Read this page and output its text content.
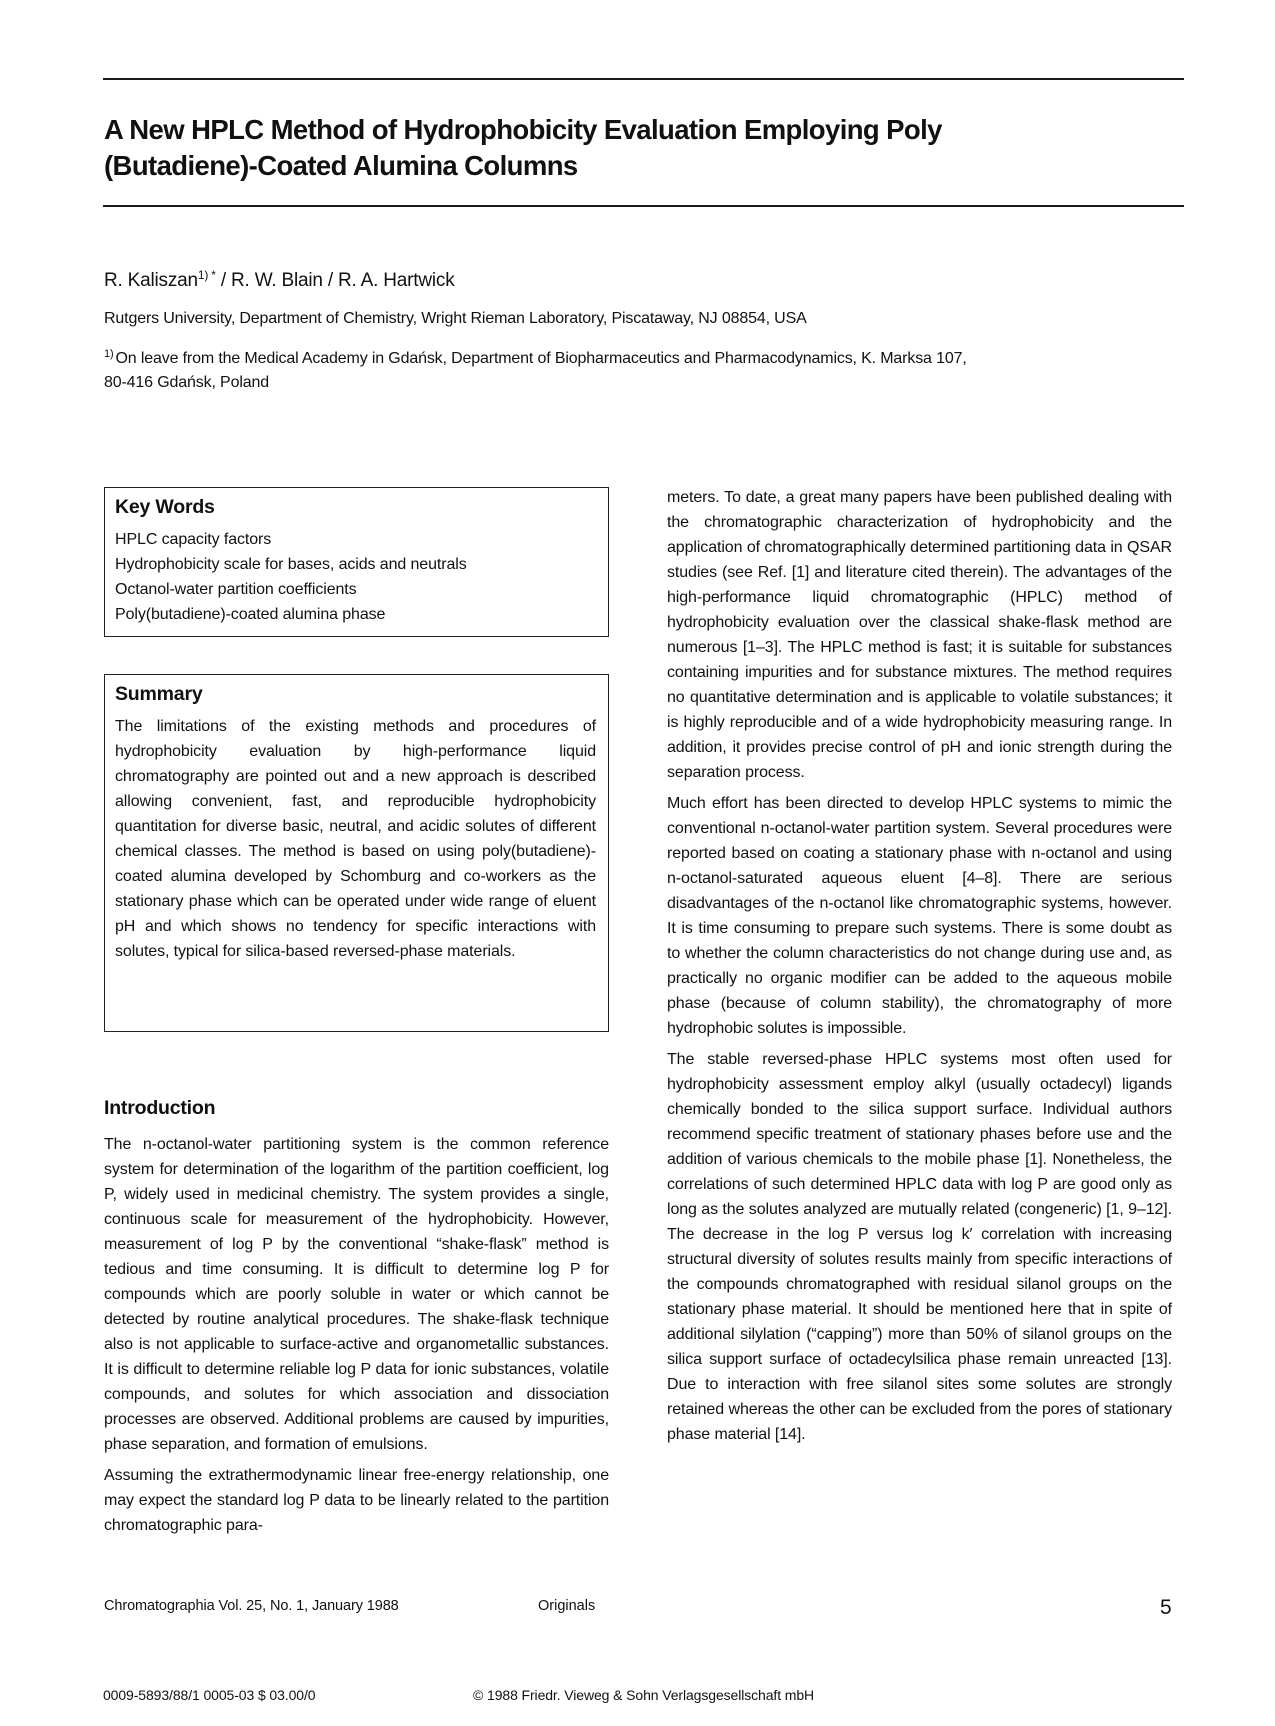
A New HPLC Method of Hydrophobicity Evaluation Employing Poly
(Butadiene)-Coated Alumina Columns
R. Kaliszan$^{1) *}$ / R. W. Blain / R. A. Hartwick
Rutgers University, Department of Chemistry, Wright Rieman Laboratory, Piscataway, NJ 08854, USA
$^{1)}$ On leave from the Medical Academy in Gdańsk, Department of Biopharmaceutics and Pharmacodynamics, K. Marksa 107,
80-416 Gdańsk, Poland
Key Words
HPLC capacity factors
Hydrophobicity scale for bases, acids and neutrals
Octanol-water partition coefficients
Poly(butadiene)-coated alumina phase
Summary

The limitations of the existing methods and procedures of hydrophobicity evaluation by high-performance liquid chromatography are pointed out and a new approach is described allowing convenient, fast, and reproducible hydrophobicity quantitation for diverse basic, neutral, and acidic solutes of different chemical classes. The method is based on using poly(butadiene)-coated alumina developed by Schomburg and co-workers as the stationary phase which can be operated under wide range of eluent pH and which shows no tendency for specific interactions with solutes, typical for silica-based reversed-phase materials.

Introduction

The n-octanol-water partitioning system is the common reference system for determination of the logarithm of the partition coefficient, log P, widely used in medicinal chemistry. The system provides a single, continuous scale for measurement of the hydrophobicity. However, measurement of log P by the conventional “shake-flask” method is tedious and time consuming. It is difficult to determine log P for compounds which are poorly soluble in water or which cannot be detected by routine analytical procedures. The shake-flask technique also is not applicable to surface-active and organometallic substances. It is difficult to determine reliable log P data for ionic substances, volatile compounds, and solutes for which association and dissociation processes are observed. Additional problems are caused by impurities, phase separation, and formation of emulsions.

Assuming the extrathermodynamic linear free-energy relationship, one may expect the standard log P data to be linearly related to the partition chromatographic para-

meters. To date, a great many papers have been published dealing with the chromatographic characterization of hydrophobicity and the application of chromatographically determined partitioning data in QSAR studies (see Ref. [1] and literature cited therein). The advantages of the high-performance liquid chromatographic (HPLC) method of hydrophobicity evaluation over the classical shake-flask method are numerous [1–3]. The HPLC method is fast; it is suitable for substances containing impurities and for substance mixtures. The method requires no quantitative determination and is applicable to volatile substances; it is highly reproducible and of a wide hydrophobicity measuring range. In addition, it provides precise control of pH and ionic strength during the separation process.

Much effort has been directed to develop HPLC systems to mimic the conventional n-octanol-water partition system. Several procedures were reported based on coating a stationary phase with n-octanol and using n-octanol-saturated aqueous eluent [4–8]. There are serious disadvantages of the n-octanol like chromatographic systems, however. It is time consuming to prepare such systems. There is some doubt as to whether the column characteristics do not change during use and, as practically no organic modifier can be added to the aqueous mobile phase (because of column stability), the chromatography of more hydrophobic solutes is impossible.

The stable reversed-phase HPLC systems most often used for hydrophobicity assessment employ alkyl (usually octadecyl) ligands chemically bonded to the silica support surface. Individual authors recommend specific treatment of stationary phases before use and the addition of various chemicals to the mobile phase [1]. Nonetheless, the correlations of such determined HPLC data with log P are good only as long as the solutes analyzed are mutually related (congeneric) [1, 9–12]. The decrease in the log P versus log k′ correlation with increasing structural diversity of solutes results mainly from specific interactions of the compounds chromatographed with residual silanol groups on the stationary phase material. It should be mentioned here that in spite of additional silylation (“capping”) more than 50% of silanol groups on the silica support surface of octadecylsilica phase remain unreacted [13]. Due to interaction with free silanol sites some solutes are strongly retained whereas the other can be excluded from the pores of stationary phase material [14].

Chromatographia Vol. 25, No. 1, January 1988	Originals	5
0009-5893/88/1 0005-03 $ 03.00/0	© 1988 Friedr. Vieweg & Sohn Verlagsgesellschaft mbH
